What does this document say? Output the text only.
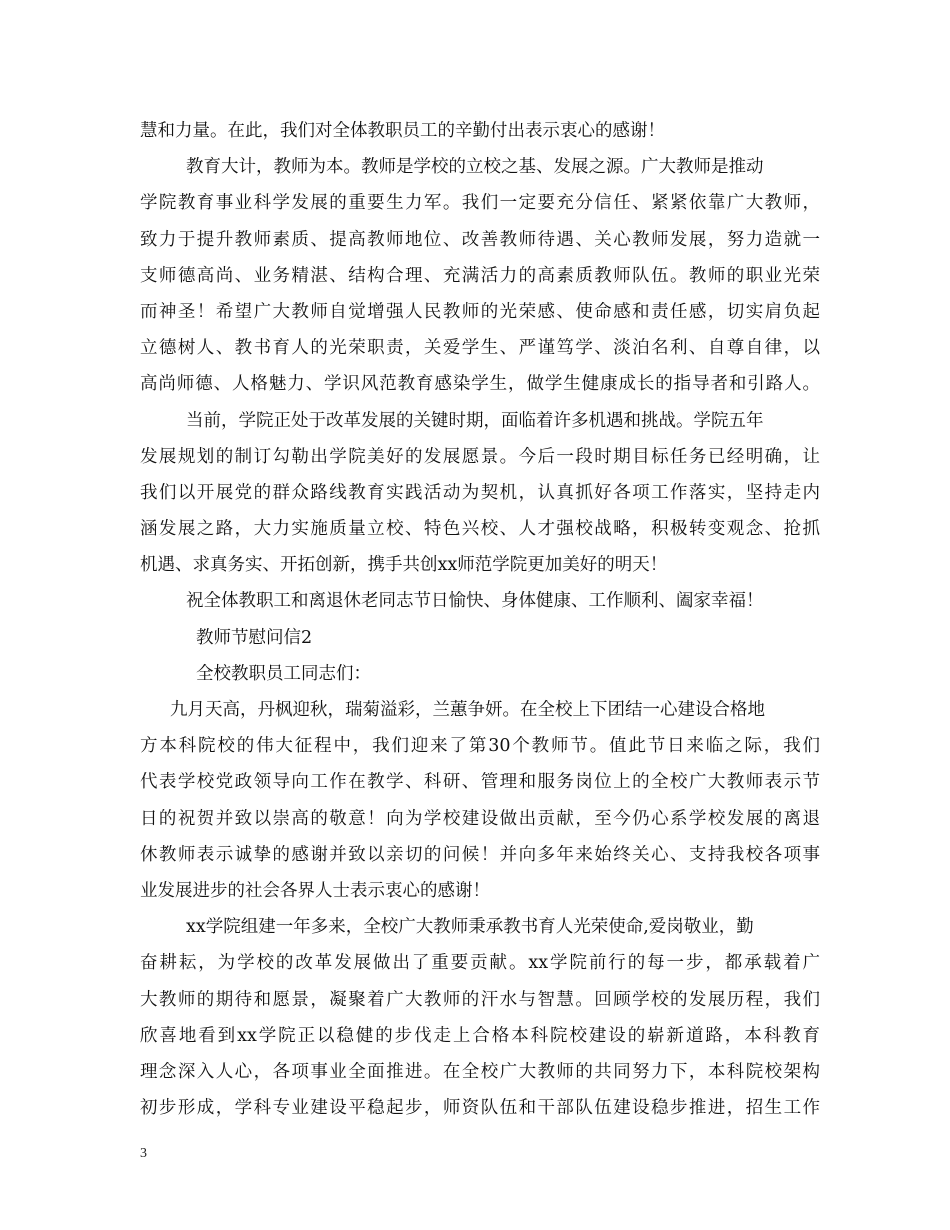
慧和力量。在此，我们对全体教职员工的辛勤付出表示衷心的感谢！
教育大计，教师为本。教师是学校的立校之基、发展之源。广大教师是推动
学院教育事业科学发展的重要生力军。我们一定要充分信任、紧紧依靠广大教师，
致力于提升教师素质、提高教师地位、改善教师待遇、关心教师发展，努力造就一
支师德高尚、业务精湛、结构合理、充满活力的高素质教师队伍。教师的职业光荣
而神圣！希望广大教师自觉增强人民教师的光荣感、使命感和责任感，切实肩负起
立德树人、教书育人的光荣职责，关爱学生、严谨笃学、淡泊名利、自尊自律，以
高尚师德、人格魅力、学识风范教育感染学生，做学生健康成长的指导者和引路人。
当前，学院正处于改革发展的关键时期，面临着许多机遇和挑战。学院五年
发展规划的制订勾勒出学院美好的发展愿景。今后一段时期目标任务已经明确，让
我们以开展党的群众路线教育实践活动为契机，认真抓好各项工作落实，坚持走内
涵发展之路，大力实施质量立校、特色兴校、人才强校战略，积极转变观念、抢抓
机遇、求真务实、开拓创新，携手共创xx师范学院更加美好的明天！
祝全体教职工和离退休老同志节日愉快、身体健康、工作顺利、阖家幸福！
教师节慰问信2
全校教职员工同志们：
九月天高，丹枫迎秋，瑞菊溢彩，兰蕙争妍。在全校上下团结一心建设合格地
方本科院校的伟大征程中，我们迎来了第30个教师节。值此节日来临之际，我们
代表学校党政领导向工作在教学、科研、管理和服务岗位上的全校广大教师表示节
日的祝贺并致以崇高的敬意！向为学校建设做出贡献，至今仍心系学校发展的离退
休教师表示诚挚的感谢并致以亲切的问候！并向多年来始终关心、支持我校各项事
业发展进步的社会各界人士表示衷心的感谢！
xx学院组建一年多来，全校广大教师秉承教书育人光荣使命,爱岗敬业，勤
奋耕耘，为学校的改革发展做出了重要贡献。xx学院前行的每一步，都承载着广
大教师的期待和愿景，凝聚着广大教师的汗水与智慧。回顾学校的发展历程，我们
欣喜地看到xx学院正以稳健的步伐走上合格本科院校建设的崭新道路，本科教育
理念深入人心，各项事业全面推进。在全校广大教师的共同努力下，本科院校架构
初步形成，学科专业建设平稳起步，师资队伍和干部队伍建设稳步推进，招生工作
3
